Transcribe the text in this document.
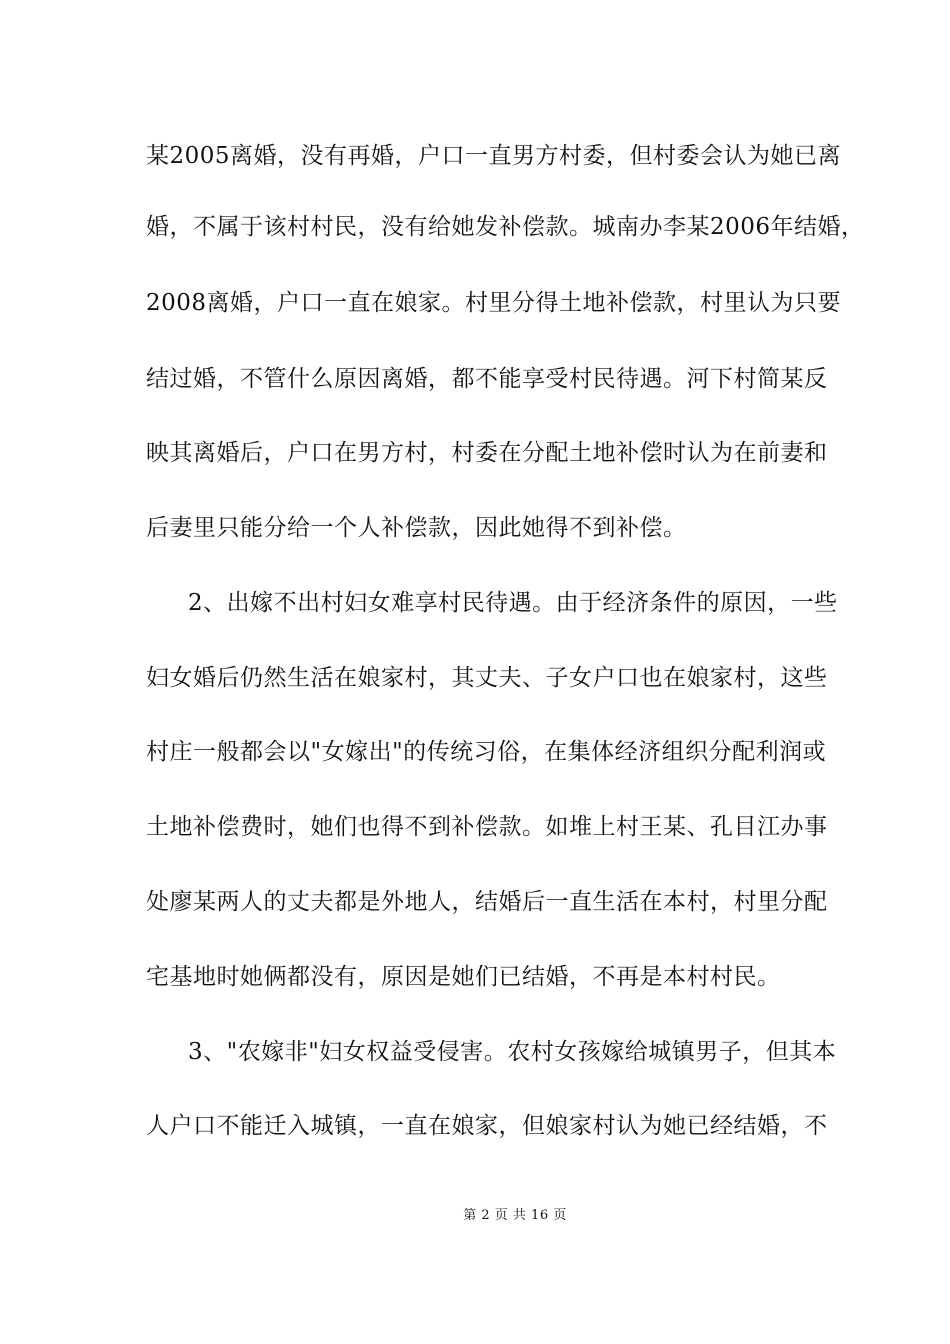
某2005离婚，没有再婚，户口一直男方村委，但村委会认为她已离
婚，不属于该村村民，没有给她发补偿款。城南办李某2006年结婚，
2008离婚，户口一直在娘家。村里分得土地补偿款，村里认为只要
结过婚，不管什么原因离婚，都不能享受村民待遇。河下村简某反
映其离婚后，户口在男方村，村委在分配土地补偿时认为在前妻和
后妻里只能分给一个人补偿款，因此她得不到补偿。
2、出嫁不出村妇女难享村民待遇。由于经济条件的原因，一些
妇女婚后仍然生活在娘家村，其丈夫、子女户口也在娘家村，这些
村庄一般都会以"女嫁出"的传统习俗，在集体经济组织分配利润或
土地补偿费时，她们也得不到补偿款。如堆上村王某、孔目江办事
处廖某两人的丈夫都是外地人，结婚后一直生活在本村，村里分配
宅基地时她俩都没有，原因是她们已结婚，不再是本村村民。
3、"农嫁非"妇女权益受侵害。农村女孩嫁给城镇男子，但其本
人户口不能迁入城镇，一直在娘家，但娘家村认为她已经结婚，不
第 2 页 共 16 页
